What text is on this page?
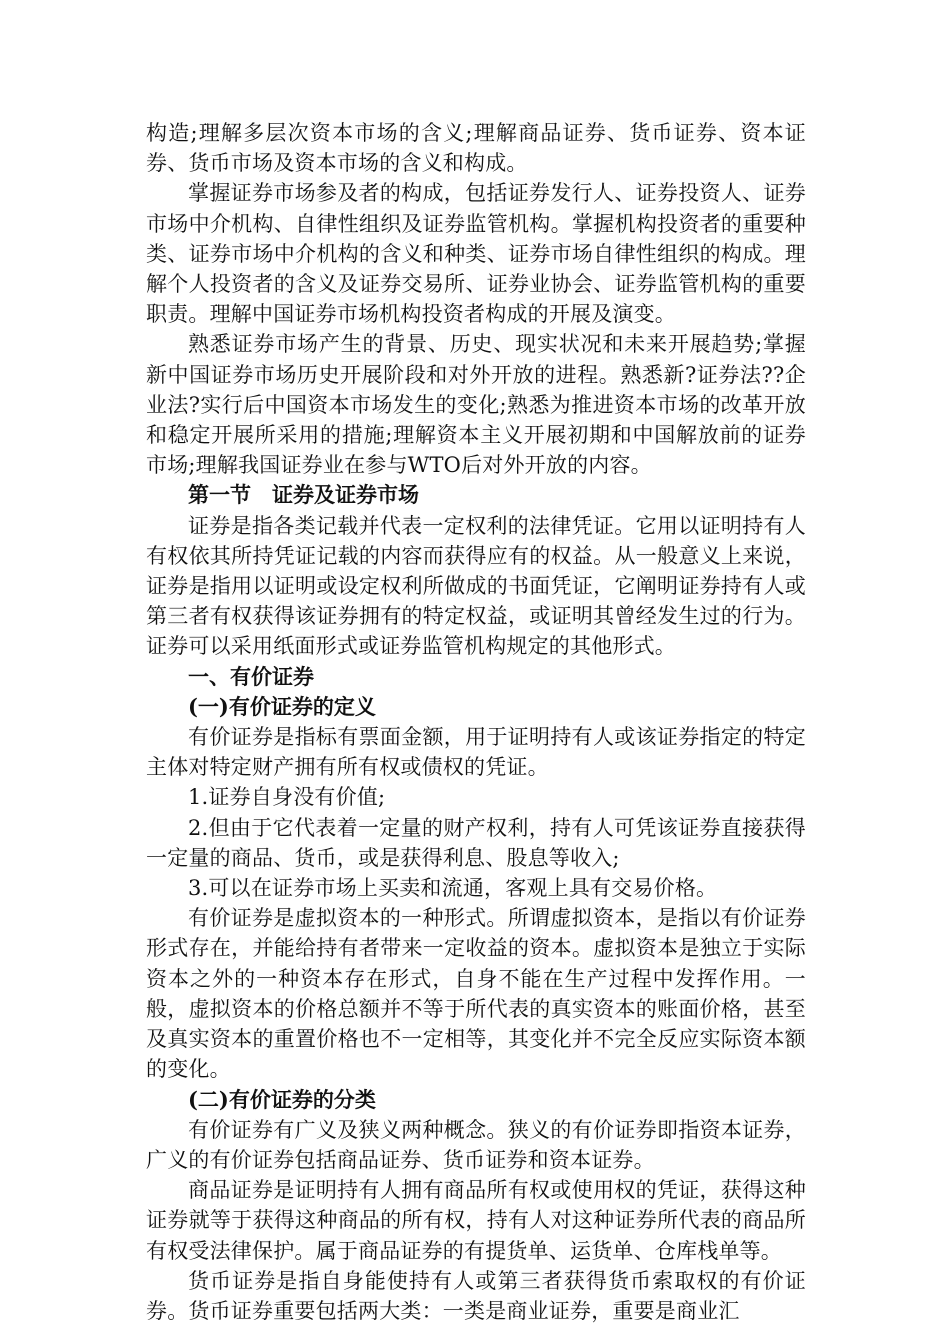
构造;理解多层次资本市场的含义;理解商品证券、货币证券、资本证券、货币市场及资本市场的含义和构成。

掌握证券市场参及者的构成，包括证券发行人、证券投资人、证券市场中介机构、自律性组织及证券监管机构。掌握机构投资者的重要种类、证券市场中介机构的含义和种类、证券市场自律性组织的构成。理解个人投资者的含义及证券交易所、证券业协会、证券监管机构的重要职责。理解中国证券市场机构投资者构成的开展及演变。

熟悉证券市场产生的背景、历史、现实状况和未来开展趋势;掌握新中国证券市场历史开展阶段和对外开放的进程。熟悉新?证券法??企业法?实行后中国资本市场发生的变化;熟悉为推进资本市场的改革开放和稳定开展所采用的措施;理解资本主义开展初期和中国解放前的证券市场;理解我国证券业在参与WTO后对外开放的内容。

第一节　证券及证券市场

证券是指各类记载并代表一定权利的法律凭证。它用以证明持有人有权依其所持凭证记载的内容而获得应有的权益。从一般意义上来说，证券是指用以证明或设定权利所做成的书面凭证，它阐明证券持有人或第三者有权获得该证券拥有的特定权益，或证明其曾经发生过的行为。证券可以采用纸面形式或证券监管机构规定的其他形式。

一、有价证券

(一)有价证券的定义

有价证券是指标有票面金额，用于证明持有人或该证券指定的特定主体对特定财产拥有所有权或债权的凭证。

1.证券自身没有价值;

2.但由于它代表着一定量的财产权利，持有人可凭该证券直接获得一定量的商品、货币，或是获得利息、股息等收入;

3.可以在证券市场上买卖和流通，客观上具有交易价格。

有价证券是虚拟资本的一种形式。所谓虚拟资本，是指以有价证券形式存在，并能给持有者带来一定收益的资本。虚拟资本是独立于实际资本之外的一种资本存在形式，自身不能在生产过程中发挥作用。一般，虚拟资本的价格总额并不等于所代表的真实资本的账面价格，甚至及真实资本的重置价格也不一定相等，其变化并不完全反应实际资本额的变化。

(二)有价证券的分类

有价证券有广义及狭义两种概念。狭义的有价证券即指资本证券，广义的有价证券包括商品证券、货币证券和资本证券。

商品证券是证明持有人拥有商品所有权或使用权的凭证，获得这种证券就等于获得这种商品的所有权，持有人对这种证券所代表的商品所有权受法律保护。属于商品证券的有提货单、运货单、仓库栈单等。

货币证券是指自身能使持有人或第三者获得货币索取权的有价证券。货币证券重要包括两大类：一类是商业证券，重要是商业汇
